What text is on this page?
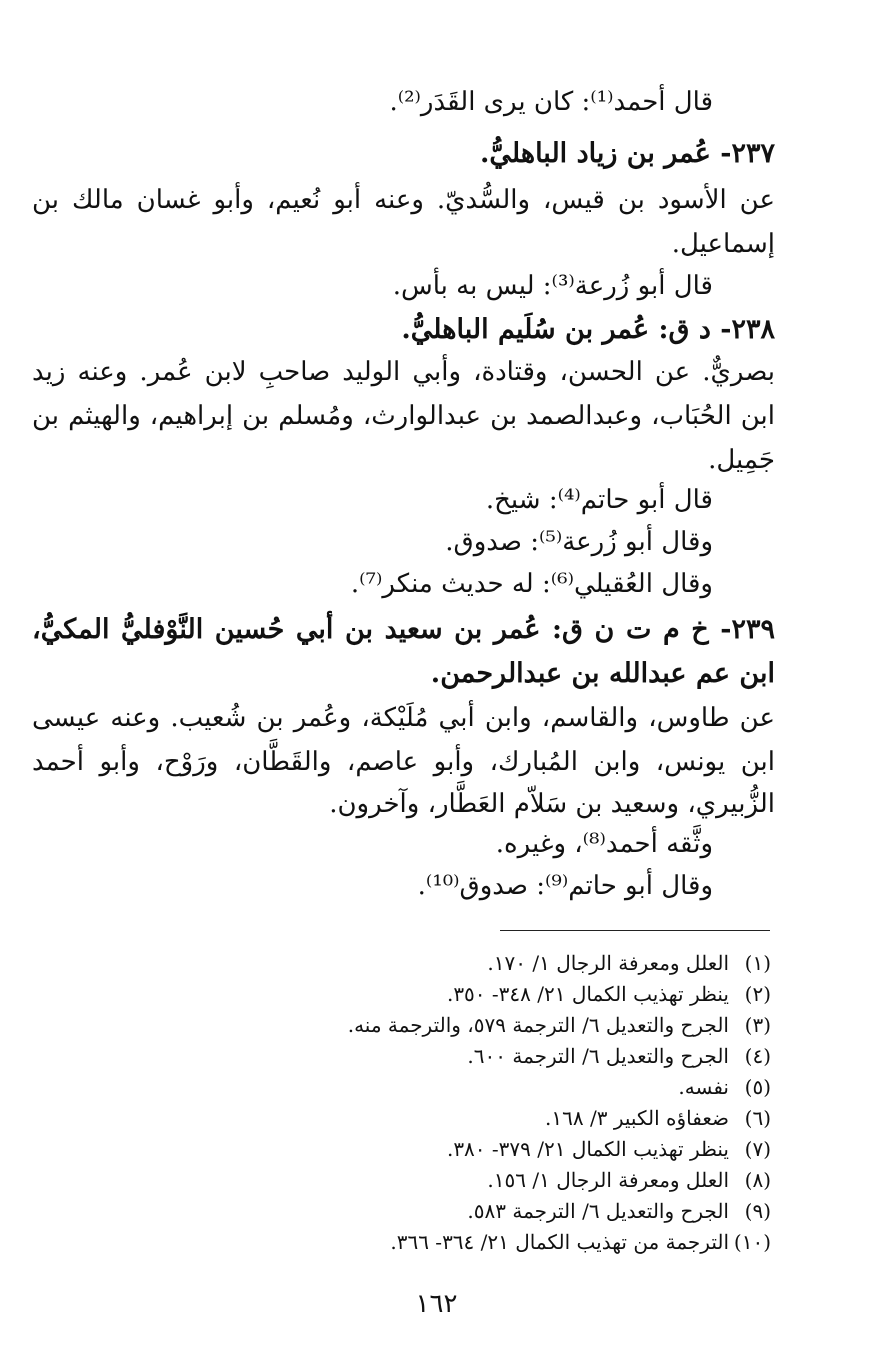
قال أحمد⁽¹⁾: كان يرى القَدَر⁽²⁾.
٢٣٧- عُمر بن زياد الباهليُّ.
عن الأسود بن قيس، والسُّديّ. وعنه أبو نُعيم، وأبو غسان مالك بن
إسماعيل.
قال أبو زُرعة⁽³⁾: ليس به بأس.
٢٣٨- د ق: عُمر بن سُلَيم الباهليُّ.
بصريٌّ. عن الحسن، وقتادة، وأبي الوليد صاحبِ لابن عُمر. وعنه زيد
ابن الحُبَاب، وعبدالصمد بن عبدالوارث، ومُسلم بن إبراهيم، والهيثم بن
جَمِيل.
قال أبو حاتم⁽⁴⁾: شيخ.
وقال أبو زُرعة⁽⁵⁾: صدوق.
وقال العُقيلي⁽⁶⁾: له حديث منكر⁽⁷⁾.
٢٣٩- خ م ت ن ق: عُمر بن سعيد بن أبي حُسين النَّوْفليُّ المكيُّ،
ابن عم عبدالله بن عبدالرحمن.
عن طاوس، والقاسم، وابن أبي مُلَيْكة، وعُمر بن شُعيب. وعنه عيسى
ابن يونس، وابن المُبارك، وأبو عاصم، والقَطَّان، ورَوْح، وأبو أحمد
الزُّبيري، وسعيد بن سَلاّم العَطَّار، وآخرون.
وثَّقه أحمد⁽⁸⁾، وغيره.
وقال أبو حاتم⁽⁹⁾: صدوق⁽¹⁰⁾.
(١)العلل ومعرفة الرجال ١/ ١٧٠.
(٢)ينظر تهذيب الكمال ٢١/ ٣٤٨- ٣٥٠.
(٣)الجرح والتعديل ٦/ الترجمة ٥٧٩، والترجمة منه.
(٤)الجرح والتعديل ٦/ الترجمة ٦٠٠.
(٥)نفسه.
(٦)ضعفاؤه الكبير ٣/ ١٦٨.
(٧)ينظر تهذيب الكمال ٢١/ ٣٧٩- ٣٨٠.
(٨)العلل ومعرفة الرجال ١/ ١٥٦.
(٩)الجرح والتعديل ٦/ الترجمة ٥٨٣.
(١٠)الترجمة من تهذيب الكمال ٢١/ ٣٦٤- ٣٦٦.
١٦٢
